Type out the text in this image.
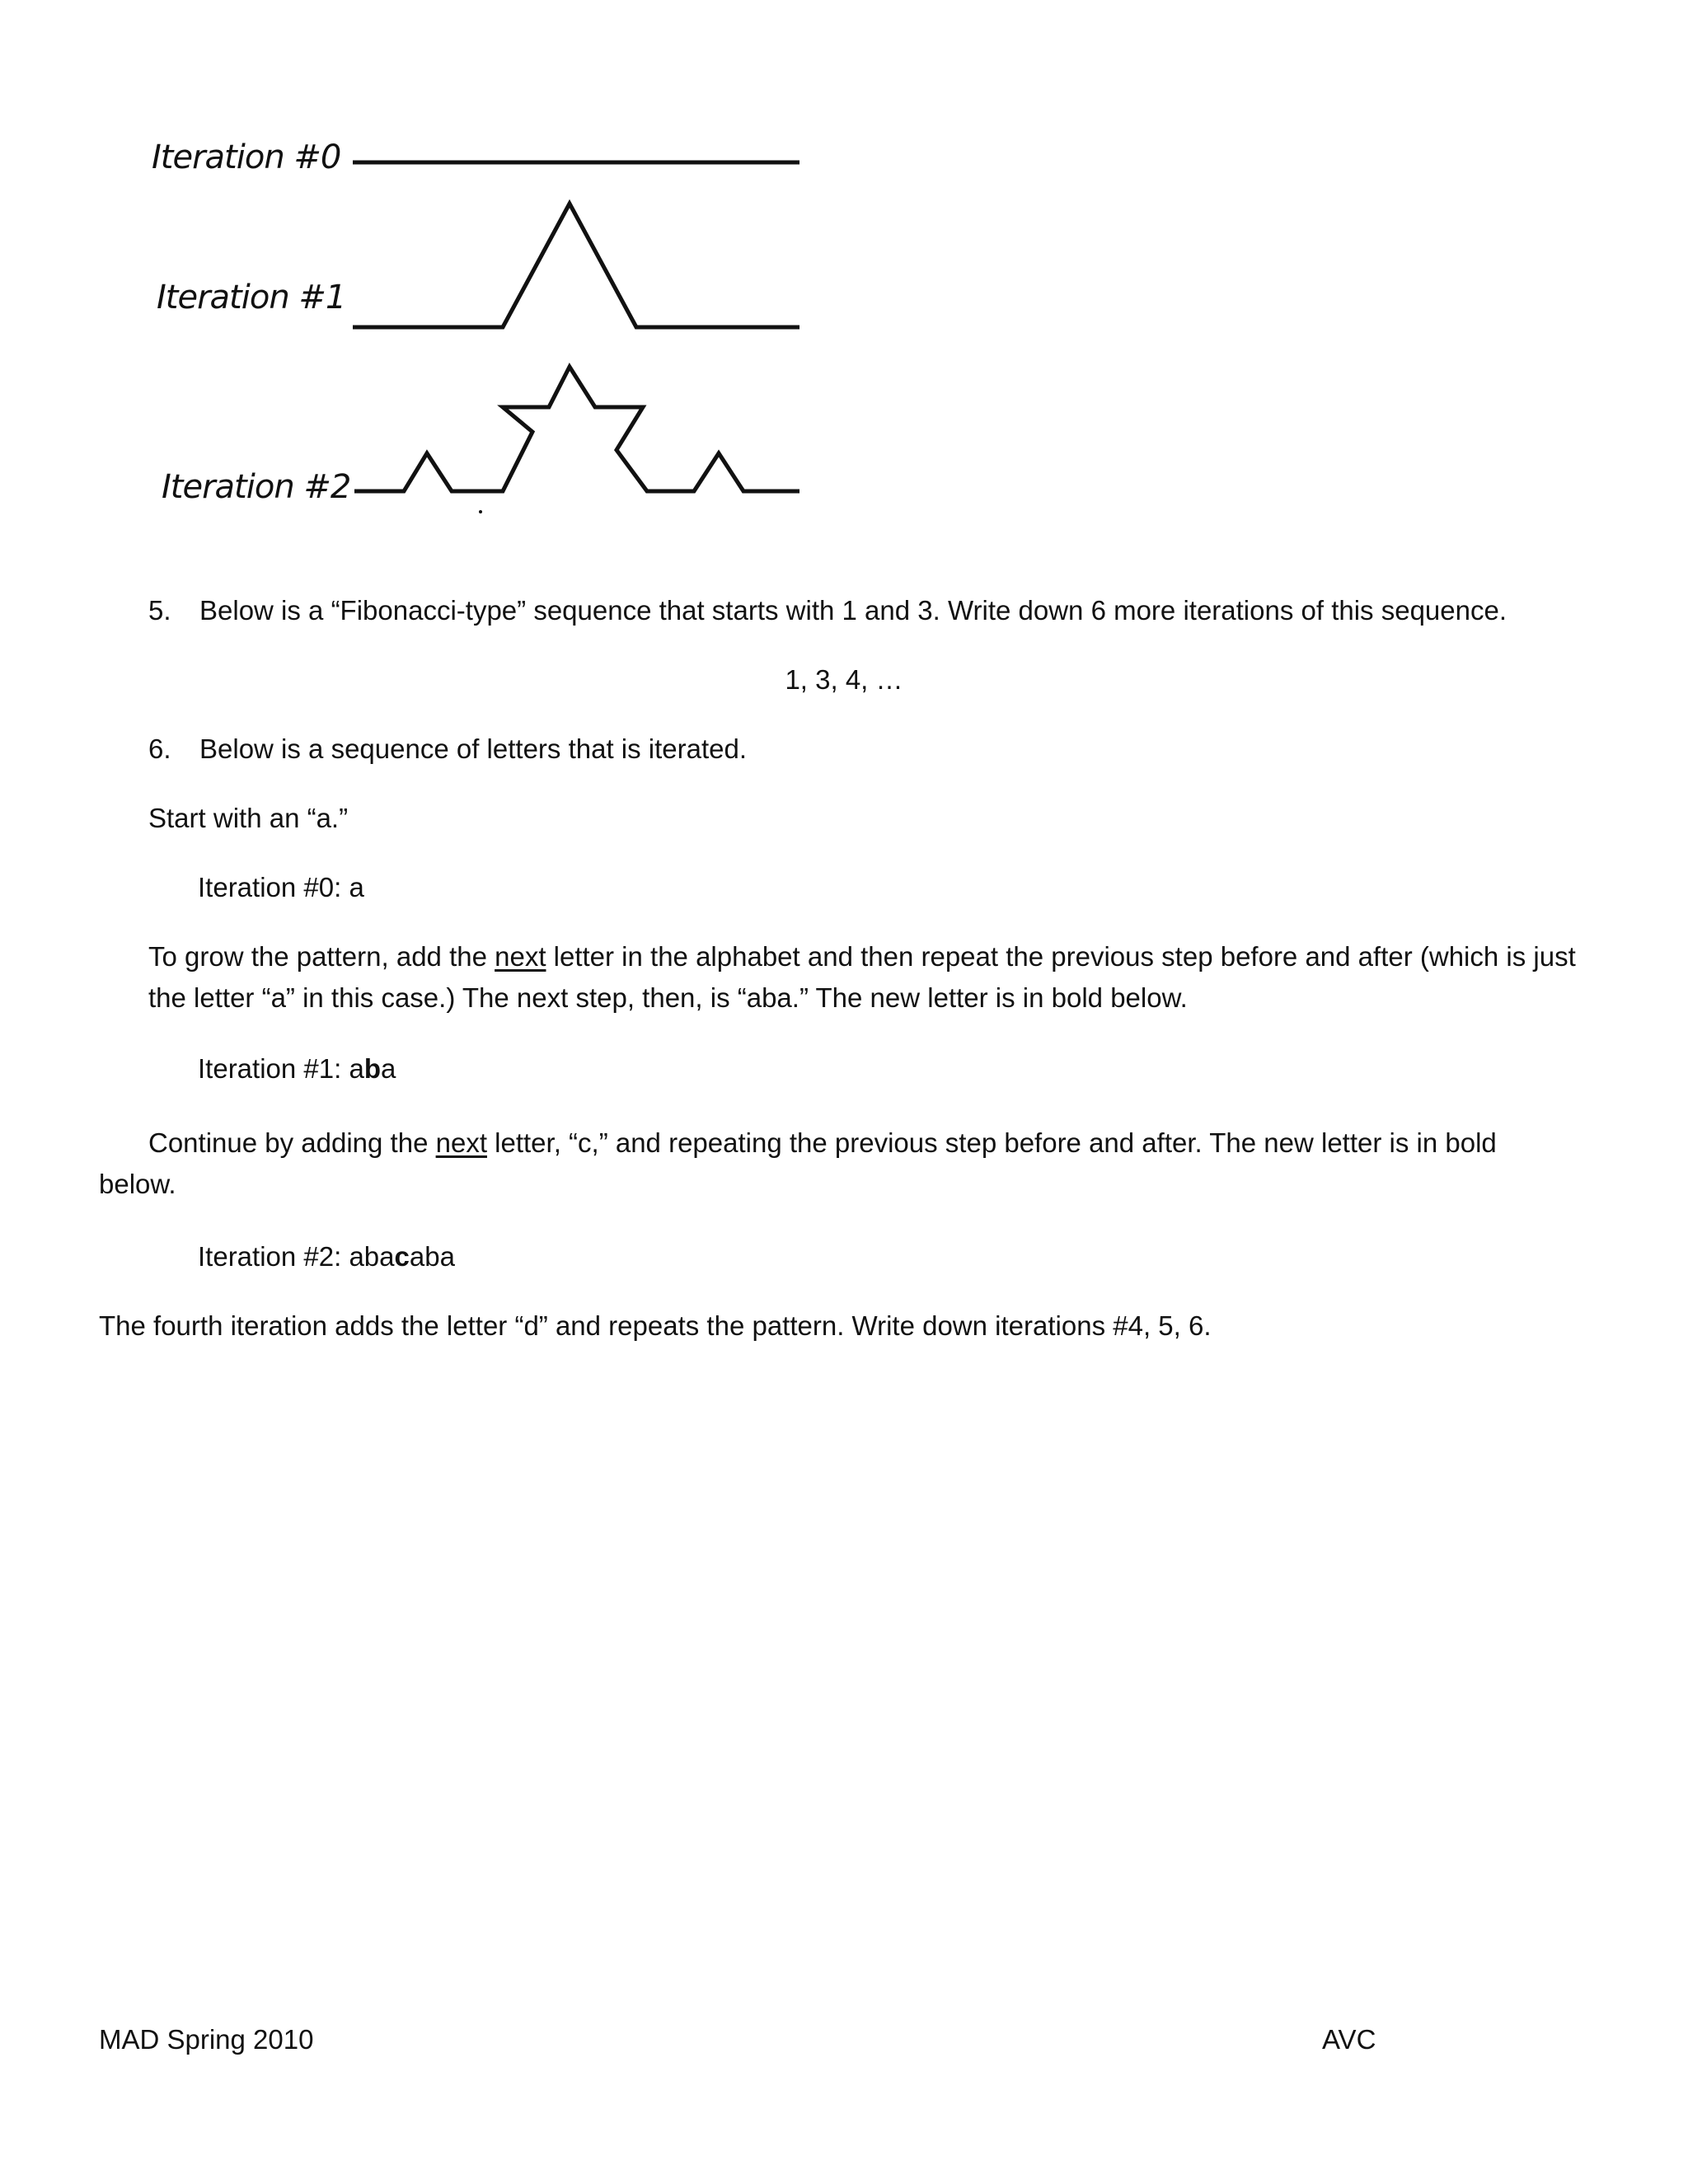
Iteration #0
Iteration #1
Iteration #2
5. Below is a “Fibonacci-type” sequence that starts with 1 and 3. Write down 6 more iterations of this sequence.
1, 3, 4, …
6. Below is a sequence of letters that is iterated.
Start with an “a.”
Iteration #0: a
To grow the pattern, add the next letter in the alphabet and then repeat the previous step before and after (which is just the letter “a” in this case.) The next step, then, is “aba.” The new letter is in bold below.
Iteration #1: aba
Continue by adding the next letter, “c,” and repeating the previous step before and after. The new letter is in bold
below.
Iteration #2: abacaba
The fourth iteration adds the letter “d” and repeats the pattern. Write down iterations #4, 5, 6.
MAD Spring 2010	AVC
